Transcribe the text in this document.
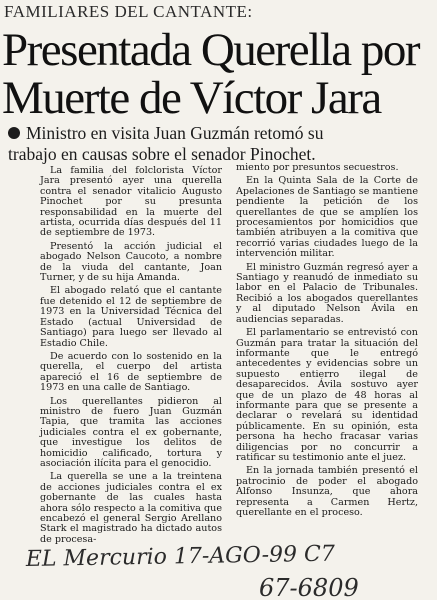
FAMILIARES DEL CANTANTE:
Presentada Querella por
Muerte de Víctor Jara
Ministro en visita Juan Guzmán retomó su trabajo en causas sobre el senador Pinochet.

La familia del folclorista Víctor Jara presentó ayer una querella contra el senador vitalicio Augusto Pinochet por su presunta responsabilidad en la muerte del artista, ocurrida días después del 11 de septiembre de 1973.

Presentó la acción judicial el abogado Nelson Caucoto, a nombre de la viuda del cantante, Joan Turner, y de su hija Amanda.

El abogado relató que el cantante fue detenido el 12 de septiembre de 1973 en la Universidad Técnica del Estado (actual Universidad de Santiago) para luego ser llevado al Estadio Chile.

De acuerdo con lo sostenido en la querella, el cuerpo del artista apareció el 16 de septiembre de 1973 en una calle de Santiago.

Los querellantes pidieron al ministro de fuero Juan Guzmán Tapia, que tramita las acciones judiciales contra el ex gobernante, que investigue los delitos de homicidio calificado, tortura y asociación ilícita para el genocidio.

La querella se une a la treintena de acciones judiciales contra el ex gobernante de las cuales hasta ahora sólo respecto a la comitiva que encabezó el general Sergio Arellano Stark el magistrado ha dictado autos de procesa-

miento por presuntos secuestros.

En la Quinta Sala de la Corte de Apelaciones de Santiago se mantiene pendiente la petición de los querellantes de que se amplíen los procesamientos por homicidios que también atribuyen a la comitiva que recorrió varias ciudades luego de la intervención militar.

El ministro Guzmán regresó ayer a Santiago y reanudó de inmediato su labor en el Palacio de Tribunales. Recibió a los abogados querellantes y al diputado Nelson Ávila en audiencias separadas.

El parlamentario se entrevistó con Guzmán para tratar la situación del informante que le entregó antecedentes y evidencias sobre un supuesto entierro ilegal de desaparecidos. Ávila sostuvo ayer que de un plazo de 48 horas al informante para que se presente a declarar o revelará su identidad públicamente. En su opinión, esta persona ha hecho fracasar varias diligencias por no concurrir a ratificar su testimonio ante el juez.

En la jornada también presentó el patrocinio de poder el abogado Alfonso Insunza, que ahora representa a Carmen Hertz, querellante en el proceso.

EL Mercurio 17-AGO-99 C7
67-6809
